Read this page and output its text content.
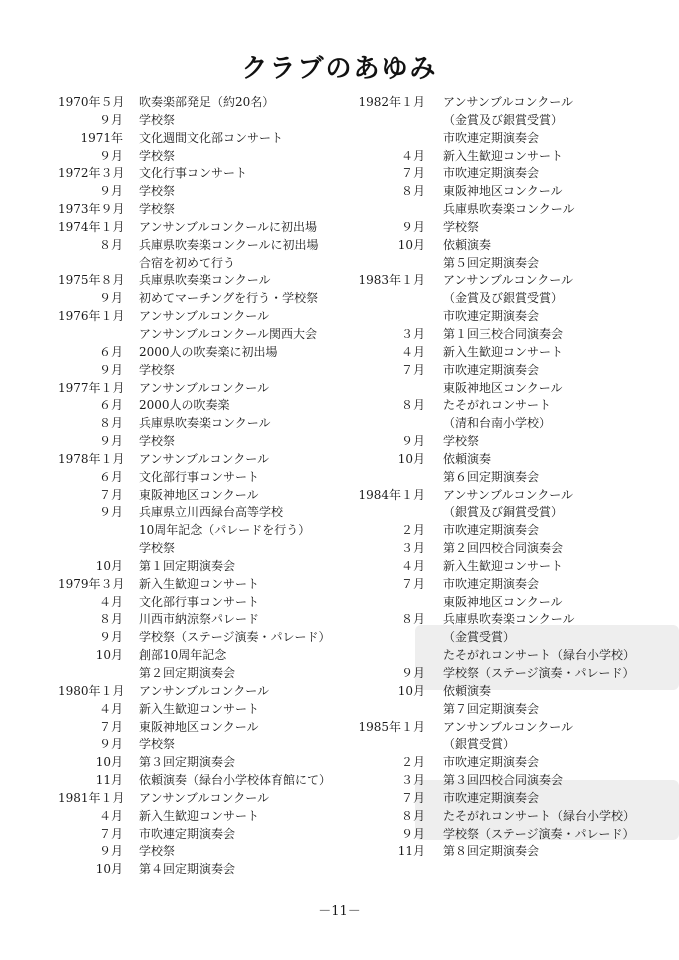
クラブのあゆみ
1970年５月 吹奏楽部発足（約20名）
９月 学校祭
1971年 文化週間文化部コンサート
９月 学校祭
1972年３月 文化行事コンサート
９月 学校祭
1973年９月 学校祭
1974年１月 アンサンブルコンクールに初出場
８月 兵庫県吹奏楽コンクールに初出場
合宿を初めて行う
1975年８月 兵庫県吹奏楽コンクール
９月 初めてマーチングを行う・学校祭
1976年１月 アンサンブルコンクール
アンサンブルコンクール関西大会
６月 2000人の吹奏楽に初出場
９月 学校祭
1977年１月 アンサンブルコンクール
６月 2000人の吹奏楽
８月 兵庫県吹奏楽コンクール
９月 学校祭
1978年１月 アンサンブルコンクール
６月 文化部行事コンサート
７月 東阪神地区コンクール
９月 兵庫県立川西緑台高等学校
10周年記念（パレードを行う）
学校祭
10月 第１回定期演奏会
1979年３月 新入生歓迎コンサート
４月 文化部行事コンサート
８月 川西市納涼祭パレード
９月 学校祭（ステージ演奏・パレード）
10月 創部10周年記念
第２回定期演奏会
1980年１月 アンサンブルコンクール
４月 新入生歓迎コンサート
７月 東阪神地区コンクール
９月 学校祭
10月 第３回定期演奏会
11月 依頼演奏（緑台小学校体育館にて）
1981年１月 アンサンブルコンクール
４月 新入生歓迎コンサート
７月 市吹連定期演奏会
９月 学校祭
10月 第４回定期演奏会
1982年１月 アンサンブルコンクール
（金賞及び銀賞受賞）
市吹連定期演奏会
４月 新入生歓迎コンサート
７月 市吹連定期演奏会
８月 東阪神地区コンクール
兵庫県吹奏楽コンクール
９月 学校祭
10月 依頼演奏
第５回定期演奏会
1983年１月 アンサンブルコンクール
（金賞及び銀賞受賞）
市吹連定期演奏会
３月 第１回三校合同演奏会
４月 新入生歓迎コンサート
７月 市吹連定期演奏会
東阪神地区コンクール
８月 たそがれコンサート
（清和台南小学校）
９月 学校祭
10月 依頼演奏
第６回定期演奏会
1984年１月 アンサンブルコンクール
（銀賞及び銅賞受賞）
２月 市吹連定期演奏会
３月 第２回四校合同演奏会
４月 新入生歓迎コンサート
７月 市吹連定期演奏会
東阪神地区コンクール
８月 兵庫県吹奏楽コンクール
（金賞受賞）
たそがれコンサート（緑台小学校）
９月 学校祭（ステージ演奏・パレード）
10月 依頼演奏
第７回定期演奏会
1985年１月 アンサンブルコンクール
（銀賞受賞）
２月 市吹連定期演奏会
３月 第３回四校合同演奏会
７月 市吹連定期演奏会
８月 たそがれコンサート（緑台小学校）
９月 学校祭（ステージ演奏・パレード）
11月 第８回定期演奏会
－11－
